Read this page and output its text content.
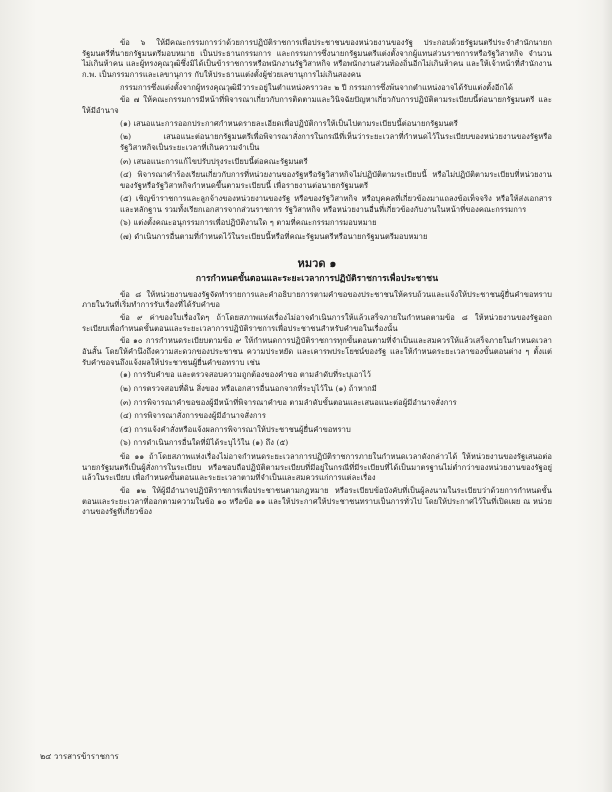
ข้อ ๖ ให้มีคณะกรรมการว่าด้วยการปฏิบัติราชการเพื่อประชาชนของหน่วยงานของรัฐ ประกอบด้วยรัฐมนตรีประจำสำนักนายกรัฐมนตรีที่นายกรัฐมนตรีมอบหมาย เป็นประธานกรรมการ และกรรมการซึ่งนายกรัฐมนตรีแต่งตั้งจากผู้แทนส่วนราชการหรือรัฐวิสาหกิจ จำนวนไม่เกินห้าคน และผู้ทรงคุณวุฒิซึ่งมิได้เป็นข้าราชการหรือพนักงานรัฐวิสาหกิจ หรือพนักงานส่วนท้องถิ่นอีกไม่เกินห้าคน และให้เจ้าหน้าที่สำนักงาน ก.พ. เป็นกรรมการและเลขานุการ กับให้ประธานแต่งตั้งผู้ช่วยเลขานุการไม่เกินสองคน

กรรมการซึ่งแต่งตั้งจากผู้ทรงคุณวุฒิมีวาระอยู่ในตำแหน่งคราวละ ๒ ปี กรรมการซึ่งพ้นจากตำแหน่งอาจได้รับแต่งตั้งอีกได้

ข้อ ๗ ให้คณะกรรมการมีหน้าที่พิจารณาเกี่ยวกับการติดตามและวินิจฉัยปัญหาเกี่ยวกับการปฏิบัติตามระเบียบนี้ต่อนายกรัฐมนตรี และให้มีอำนาจ

(๑) เสนอแนะการออกประกาศกำหนดรายละเอียดเพื่อปฏิบัติการให้เป็นไปตามระเบียบนี้ต่อนายกรัฐมนตรี

(๒) เสนอแนะต่อนายกรัฐมนตรีเพื่อพิจารณาสั่งการในกรณีที่เห็นว่าระยะเวลาที่กำหนดไว้ในระเบียบของหน่วยงานของรัฐหรือรัฐวิสาหกิจเป็นระยะเวลาที่เกินความจำเป็น

(๓) เสนอแนะการแก้ไขปรับปรุงระเบียบนี้ต่อคณะรัฐมนตรี

(๔) พิจารณาคำร้องเรียนเกี่ยวกับการที่หน่วยงานของรัฐหรือรัฐวิสาหกิจไม่ปฏิบัติตามระเบียบนี้ หรือไม่ปฏิบัติตามระเบียบที่หน่วยงานของรัฐหรือรัฐวิสาหกิจกำหนดขึ้นตามระเบียบนี้ เพื่อรายงานต่อนายกรัฐมนตรี

(๕) เชิญข้าราชการและลูกจ้างของหน่วยงานของรัฐ หรือของรัฐวิสาหกิจ หรือบุคคลที่เกี่ยวข้องมาแถลงข้อเท็จจริง หรือให้ส่งเอกสารและหลักฐาน รวมทั้งเรียกเอกสารจากส่วนราชการ รัฐวิสาหกิจ หรือหน่วยงานอื่นที่เกี่ยวข้องกับงานในหน้าที่ของคณะกรรมการ

(๖) แต่งตั้งคณะอนุกรรมการเพื่อปฏิบัติงานใด ๆ ตามที่คณะกรรมการมอบหมาย

(๗) ดำเนินการอื่นตามที่กำหนดไว้ในระเบียบนี้หรือที่คณะรัฐมนตรีหรือนายกรัฐมนตรีมอบหมาย

หมวด ๑
การกำหนดขั้นตอนและระยะเวลาการปฏิบัติราชการเพื่อประชาชน

ข้อ ๘ ให้หน่วยงานของรัฐจัดทำรายการและคำอธิบายการตามคำขอของประชาชนให้ครบถ้วนและแจ้งให้ประชาชนผู้ยื่นคำขอทราบภายในวันที่เริ่มทำการรับเรื่องที่ได้รับคำขอ

ข้อ ๙ ค่าของใบเรื่องใดๆ ถ้าโดยสภาพแห่งเรื่องไม่อาจดำเนินการให้แล้วเสร็จภายในกำหนดตามข้อ ๘ ให้หน่วยงานของรัฐออกระเบียบเพื่อกำหนดขั้นตอนและระยะเวลาการปฏิบัติราชการเพื่อประชาชนสำหรับคำขอในเรื่องนั้น

ข้อ ๑๐ การกำหนดระเบียบตามข้อ ๙ ให้กำหนดการปฏิบัติราชการทุกขั้นตอนตามที่จำเป็นและสมควรให้แล้วเสร็จภายในกำหนดเวลาอันสั้น โดยให้คำนึงถึงความสะดวกของประชาชน ความประหยัด และเคารพประโยชน์ของรัฐ และให้กำหนดระยะเวลาของขั้นตอนต่าง ๆ ตั้งแต่รับคำขอจนถึงแจ้งผลให้ประชาชนผู้ยื่นคำขอทราบ เช่น

(๑) การรับคำขอ และตรวจสอบความถูกต้องของคำขอ ตามลำดับที่ระบุเอาไว้

(๒) การตรวจสอบที่ดิน สิ่งของ หรือเอกสารอื่นนอกจากที่ระบุไว้ใน (๑) ถ้าหากมี

(๓) การพิจารณาคำขอของผู้มีหน้าที่พิจารณาคำขอ ตามลำดับขั้นตอนและเสนอแนะต่อผู้มีอำนาจสั่งการ

(๔) การพิจารณาสั่งการของผู้มีอำนาจสั่งการ

(๕) การแจ้งคำสั่งหรือแจ้งผลการพิจารณาให้ประชาชนผู้ยื่นคำขอทราบ

(๖) การดำเนินการอื่นใดที่มิได้ระบุไว้ใน (๑) ถึง (๕)

ข้อ ๑๑ ถ้าโดยสภาพแห่งเรื่องไม่อาจกำหนดระยะเวลาการปฏิบัติราชการภายในกำหนดเวลาดังกล่าวได้ ให้หน่วยงานของรัฐเสนอต่อนายกรัฐมนตรีเป็นผู้สั่งการในระเบียบ หรือชอบถือปฏิบัติตามระเบียบที่มีอยู่ในกรณีที่มีระเบียบที่ได้เป็นมาตรฐานไม่ต่ำกว่าของหน่วยงานของรัฐอยู่แล้วในระเบียบ เพื่อกำหนดขั้นตอนและระยะเวลาตามที่จำเป็นและสมควรแก่การแต่ละเรื่อง

ข้อ ๑๒ ให้ผู้มีอำนาจปฏิบัติราชการเพื่อประชาชนตามกฎหมาย หรือระเบียบข้อบังคับที่เป็นผู้ลงนามในระเบียบว่าด้วยการกำหนดขั้นตอนและระยะเวลาที่ออกตามความในข้อ ๑๐ หรือข้อ ๑๑ และให้ประกาศให้ประชาชนทราบเป็นการทั่วไป โดยให้ประกาศไว้ในที่เปิดเผย ณ หน่วยงานของรัฐที่เกี่ยวข้อง

๒๔ วารสารข้าราชการ
